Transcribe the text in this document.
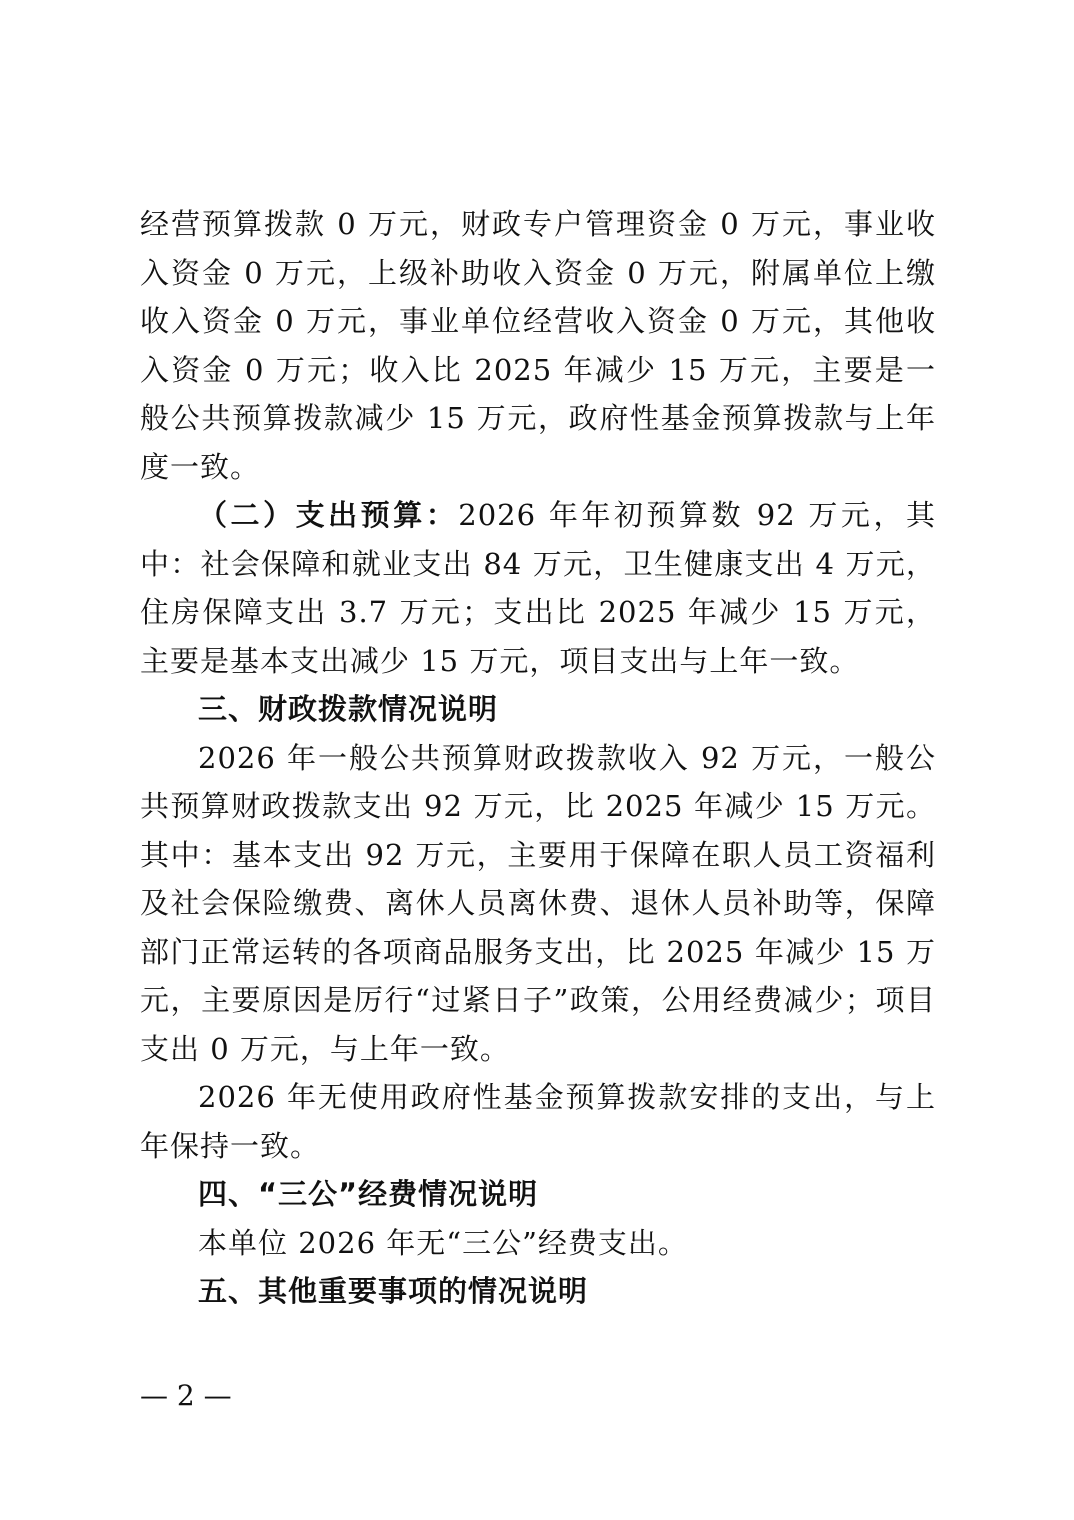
经营预算拨款 0 万元，财政专户管理资金 0 万元，事业收入资金 0 万元，上级补助收入资金 0 万元，附属单位上缴收入资金 0 万元，事业单位经营收入资金 0 万元，其他收入资金 0 万元；收入比 2025 年减少 15 万元，主要是一般公共预算拨款减少 15 万元，政府性基金预算拨款与上年度一致。

（二）支出预算：2026 年年初预算数 92 万元，其中：社会保障和就业支出 84 万元，卫生健康支出 4 万元，住房保障支出 3.7 万元；支出比 2025 年减少 15 万元，主要是基本支出减少 15 万元，项目支出与上年一致。

三、财政拨款情况说明

2026 年一般公共预算财政拨款收入 92 万元，一般公共预算财政拨款支出 92 万元，比 2025 年减少 15 万元。其中：基本支出 92 万元，主要用于保障在职人员工资福利及社会保险缴费、离休人员离休费、退休人员补助等，保障部门正常运转的各项商品服务支出，比 2025 年减少 15 万元，主要原因是厉行“过紧日子”政策，公用经费减少；项目支出 0 万元，与上年一致。

2026 年无使用政府性基金预算拨款安排的支出，与上年保持一致。

四、“三公”经费情况说明

本单位 2026 年无“三公”经费支出。

五、其他重要事项的情况说明

— 2 —
